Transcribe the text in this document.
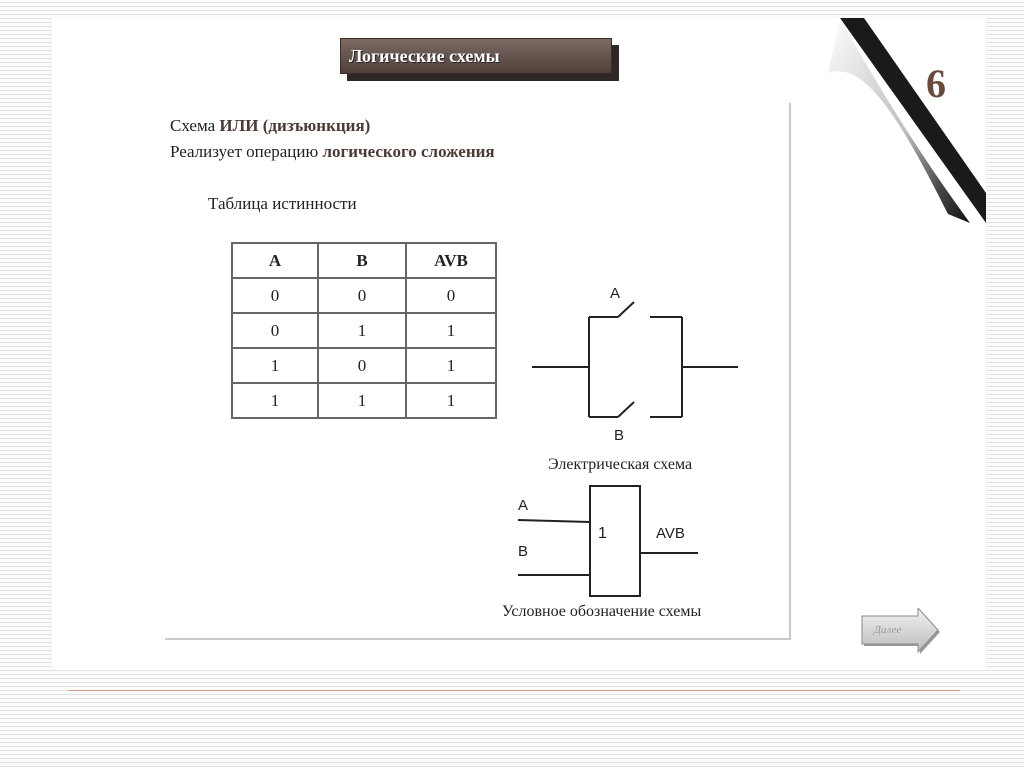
Логические схемы
6
Схема ИЛИ (дизъюнкция)
Реализует операцию логического сложения
Таблица истинности
A	B	AVB
0	0	0
0	1	1
1	0	1
1	1	1
A
B
Электрическая схема
A
B
1	AVB
Условное обозначение схемы
Далее
